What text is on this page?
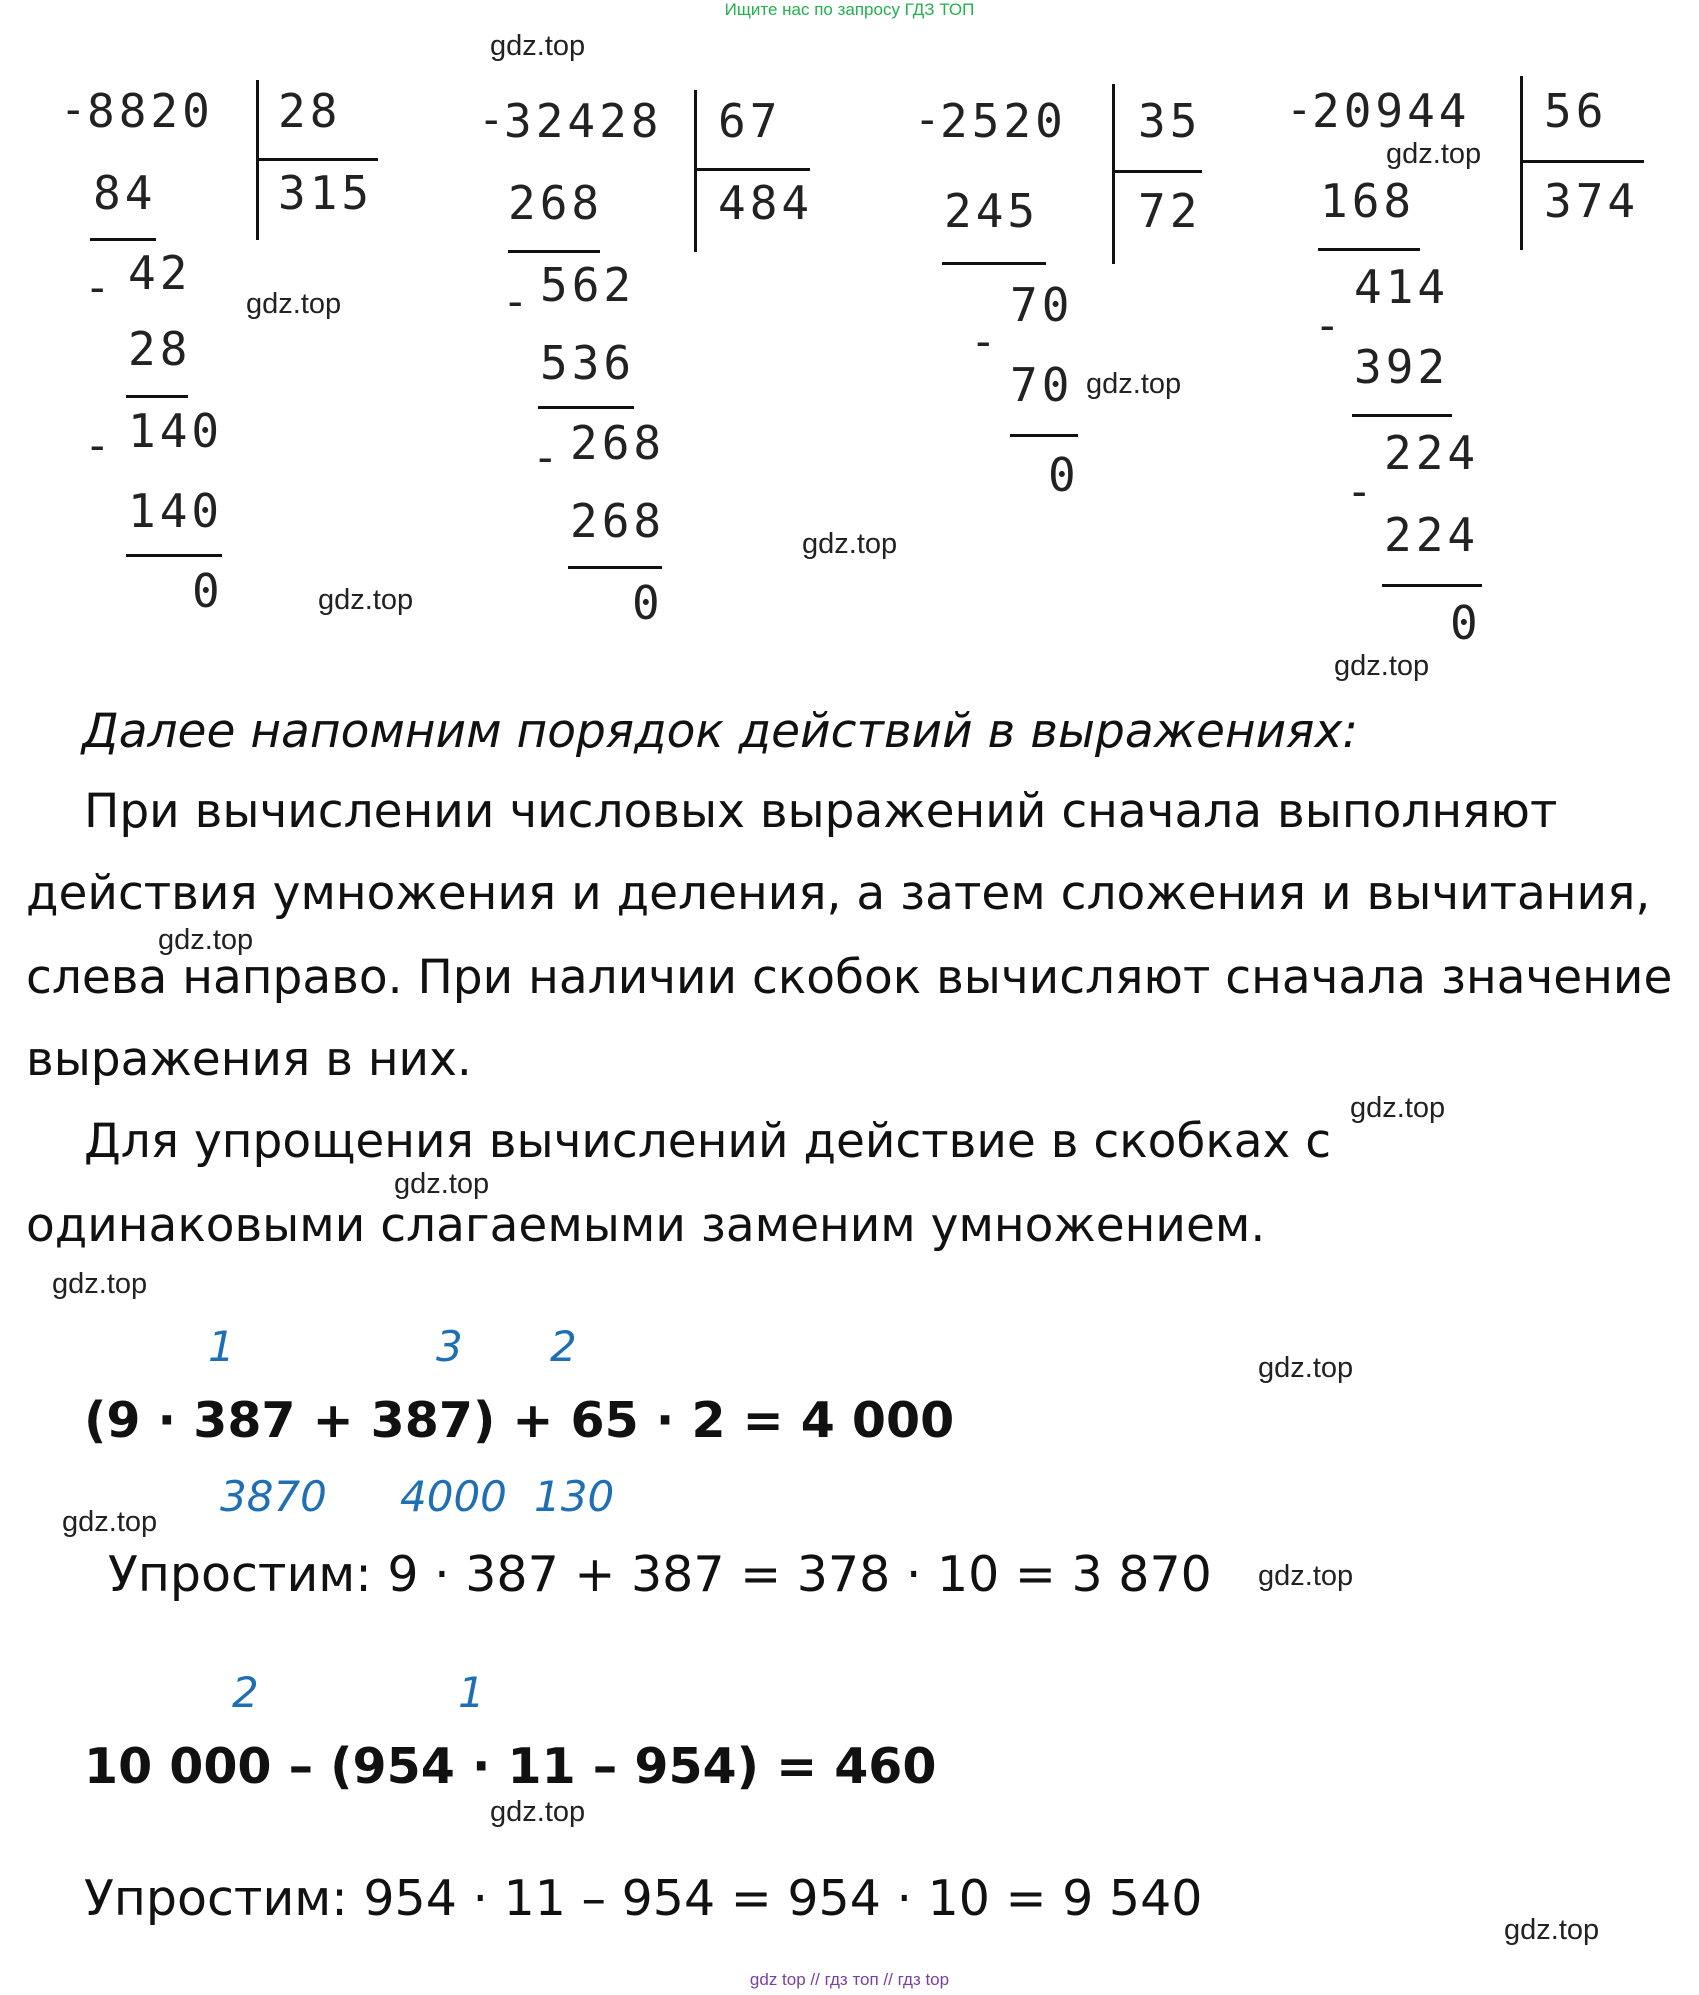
Ищите нас по запросу ГДЗ ТОП
- 8820 28
315
84
- 42
28
- 140
140
0
- 32428 67
484
268
- 562
536
- 268
268
0
- 2520 35
72
245
-
70
70
0
- 20944 56
374
168
-
414
392
-
224
224
0
Далее напомним порядок действий в выражениях:
При вычислении числовых выражений сначала выполняют
действия умножения и деления, а затем сложения и вычитания,
слева направо. При наличии скобок вычисляют сначала значение
выражения в них.
Для упрощения вычислений действие в скобках с
одинаковыми слагаемыми заменим умножением.
1	3 2
(9 · 387 + 387) + 65 · 2 = 4 000
3870 4000 130
Упростим: 9 · 387 + 387 = 378 · 10 = 3 870
2	1
10 000 – (954 · 11 – 954) = 460
Упростим: 954 · 11 – 954 = 954 · 10 = 9 540
gdz.top
gdz.top
gdz.top
gdz.top
gdz.top
gdz.top
gdz.top
gdz.top
gdz.top
gdz.top
gdz.top
gdz.top
gdz.top
gdz.top
gdz.top
gdz.top
gdz top // гдз топ // гдз top
